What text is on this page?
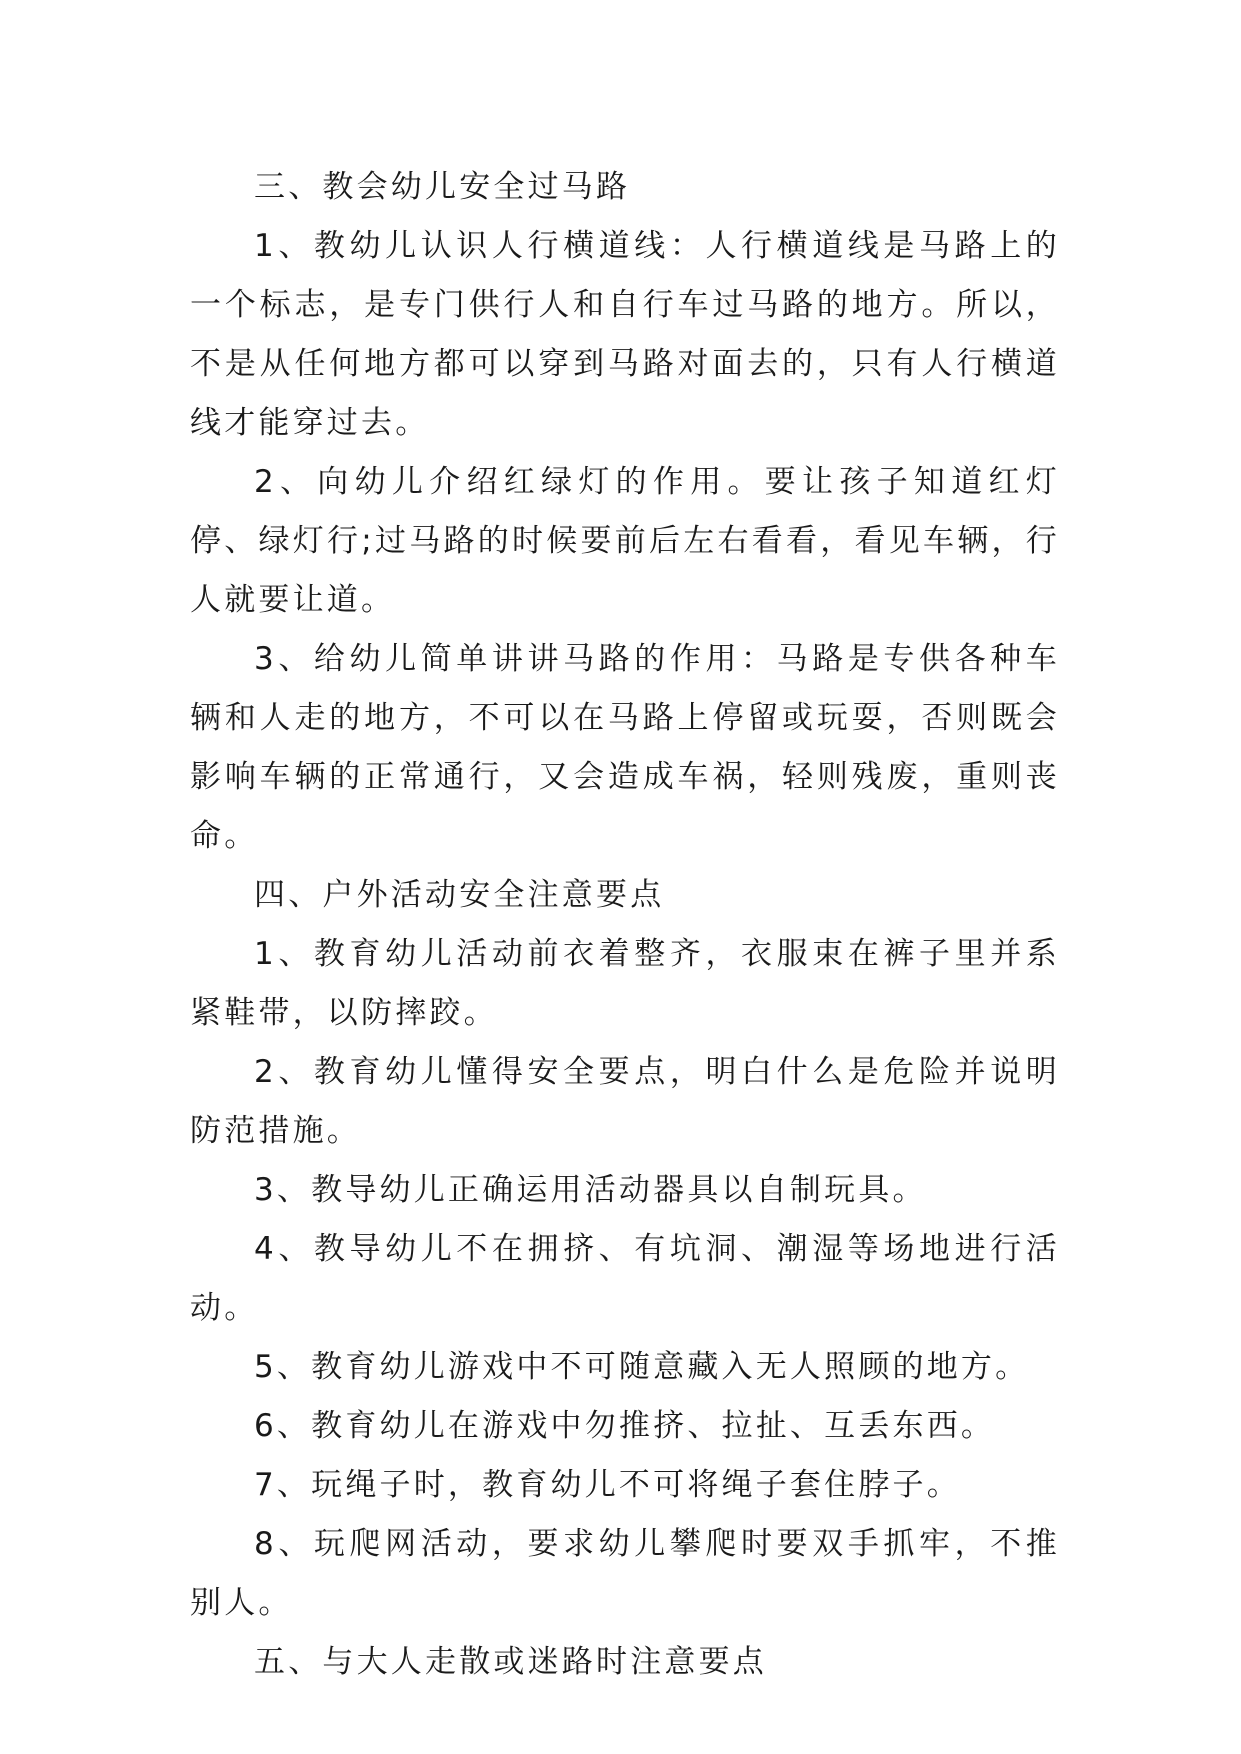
三、教会幼儿安全过马路

1、教幼儿认识人行横道线：人行横道线是马路上的一个标志，是专门供行人和自行车过马路的地方。所以，不是从任何地方都可以穿到马路对面去的，只有人行横道线才能穿过去。

2、向幼儿介绍红绿灯的作用。要让孩子知道红灯停、绿灯行;过马路的时候要前后左右看看，看见车辆，行人就要让道。

3、给幼儿简单讲讲马路的作用：马路是专供各种车辆和人走的地方，不可以在马路上停留或玩耍，否则既会影响车辆的正常通行，又会造成车祸，轻则残废，重则丧命。

四、户外活动安全注意要点

1、教育幼儿活动前衣着整齐，衣服束在裤子里并系紧鞋带，以防摔跤。

2、教育幼儿懂得安全要点，明白什么是危险并说明防范措施。

3、教导幼儿正确运用活动器具以自制玩具。

4、教导幼儿不在拥挤、有坑洞、潮湿等场地进行活动。

5、教育幼儿游戏中不可随意藏入无人照顾的地方。

6、教育幼儿在游戏中勿推挤、拉扯、互丢东西。

7、玩绳子时，教育幼儿不可将绳子套住脖子。

8、玩爬网活动，要求幼儿攀爬时要双手抓牢，不推别人。

五、与大人走散或迷路时注意要点
